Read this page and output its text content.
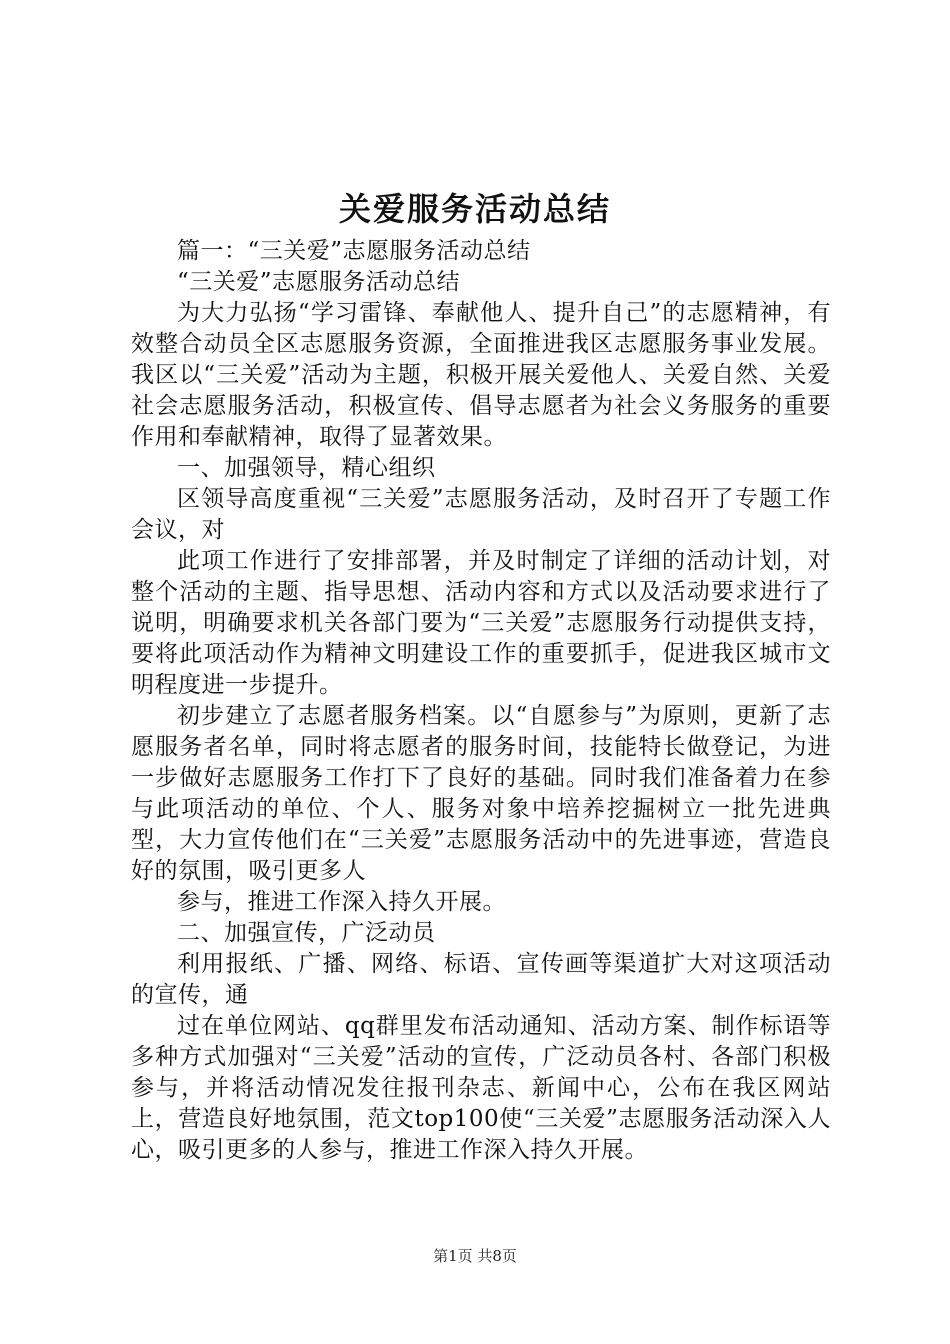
关爱服务活动总结

篇一：“三关爱”志愿服务活动总结

“三关爱”志愿服务活动总结

为大力弘扬“学习雷锋、奉献他人、提升自己”的志愿精神，有效整合动员全区志愿服务资源，全面推进我区志愿服务事业发展。我区以“三关爱”活动为主题，积极开展关爱他人、关爱自然、关爱社会志愿服务活动，积极宣传、倡导志愿者为社会义务服务的重要作用和奉献精神，取得了显著效果。

一、加强领导，精心组织

区领导高度重视“三关爱”志愿服务活动，及时召开了专题工作会议，对

此项工作进行了安排部署，并及时制定了详细的活动计划，对整个活动的主题、指导思想、活动内容和方式以及活动要求进行了说明，明确要求机关各部门要为“三关爱”志愿服务行动提供支持，要将此项活动作为精神文明建设工作的重要抓手，促进我区城市文明程度进一步提升。

初步建立了志愿者服务档案。以“自愿参与”为原则，更新了志愿服务者名单，同时将志愿者的服务时间，技能特长做登记，为进一步做好志愿服务工作打下了良好的基础。同时我们准备着力在参与此项活动的单位、个人、服务对象中培养挖掘树立一批先进典型，大力宣传他们在“三关爱”志愿服务活动中的先进事迹，营造良好的氛围，吸引更多人

参与，推进工作深入持久开展。

二、加强宣传，广泛动员

利用报纸、广播、网络、标语、宣传画等渠道扩大对这项活动的宣传，通

过在单位网站、qq群里发布活动通知、活动方案、制作标语等多种方式加强对“三关爱”活动的宣传，广泛动员各村、各部门积极参与，并将活动情况发往报刊杂志、新闻中心，公布在我区网站上，营造良好地氛围，范文top100使“三关爱”志愿服务活动深入人心，吸引更多的人参与，推进工作深入持久开展。

第1页 共8页
